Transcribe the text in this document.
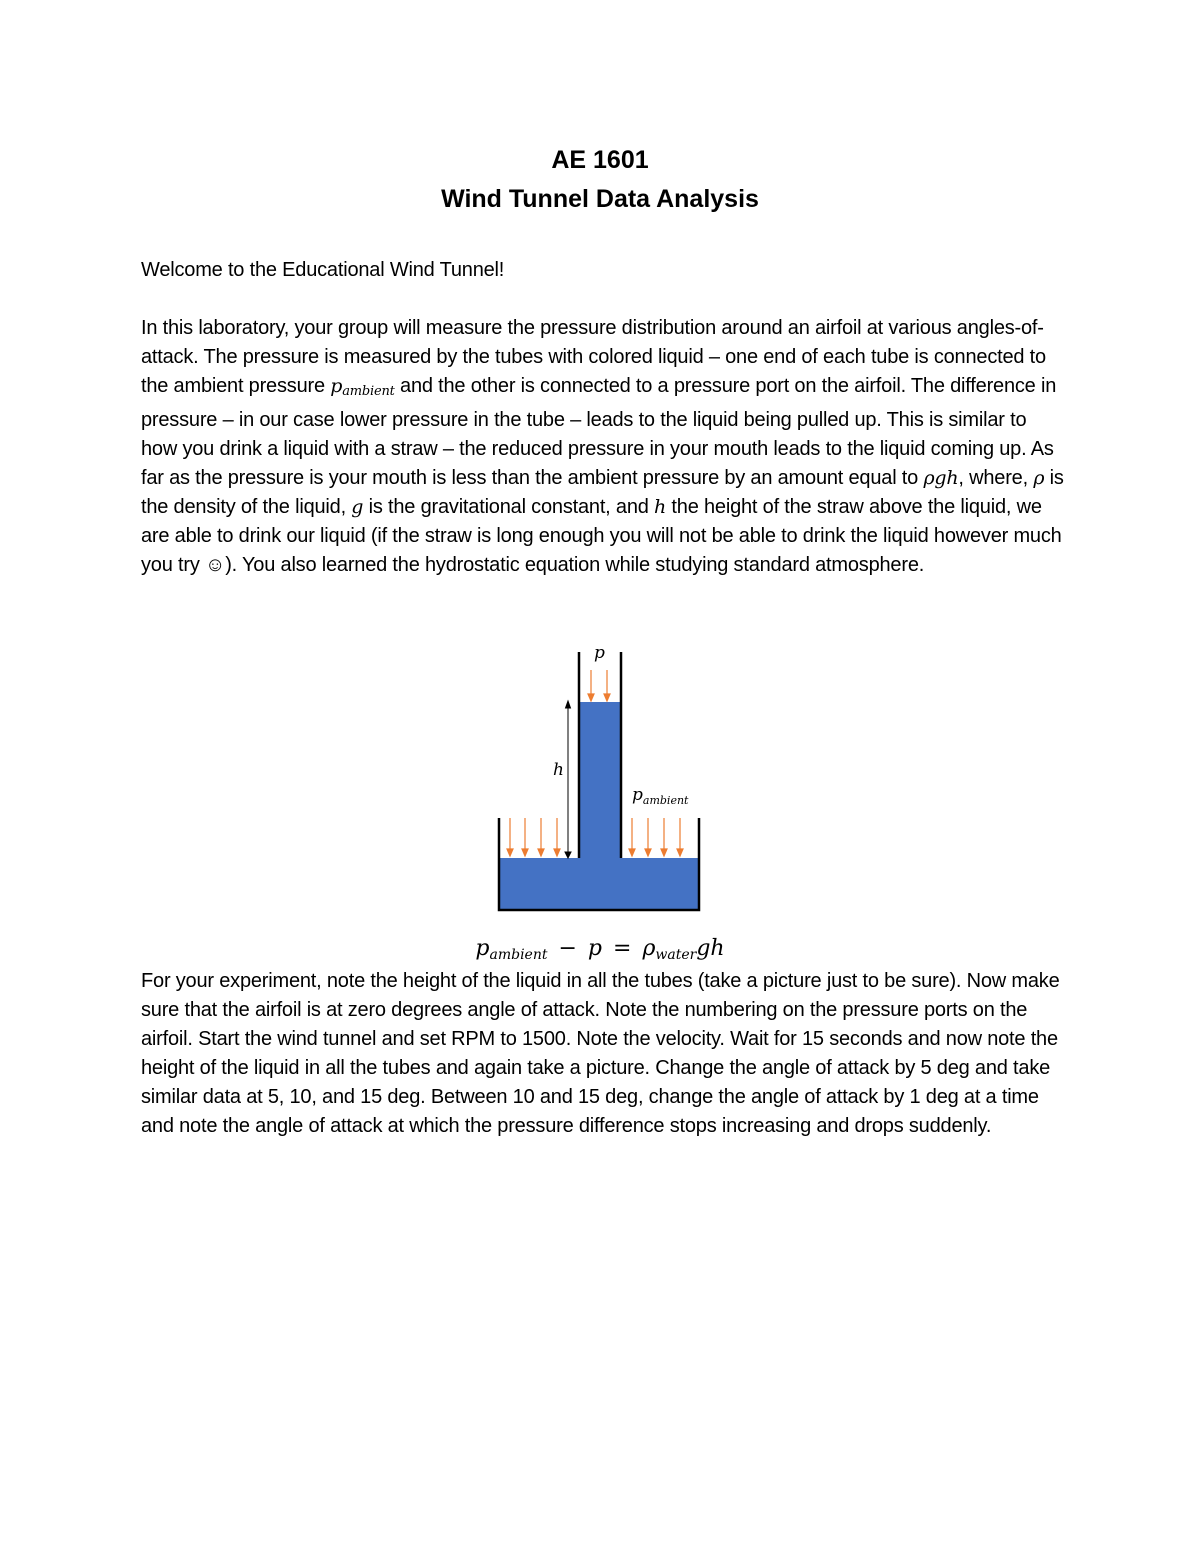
AE 1601
Wind Tunnel Data Analysis
Welcome to the Educational Wind Tunnel!
In this laboratory, your group will measure the pressure distribution around an airfoil at various angles-of-attack. The pressure is measured by the tubes with colored liquid – one end of each tube is connected to the ambient pressure $p_{ambient}$ and the other is connected to a pressure port on the airfoil. The difference in pressure – in our case lower pressure in the tube – leads to the liquid being pulled up. This is similar to how you drink a liquid with a straw – the reduced pressure in your mouth leads to the liquid coming up. As far as the pressure is your mouth is less than the ambient pressure by an amount equal to ρgh, where, ρ is the density of the liquid, g is the gravitational constant, and h the height of the straw above the liquid, we are able to drink our liquid (if the straw is long enough you will not be able to drink the liquid however much you try ☺). You also learned the hydrostatic equation while studying standard atmosphere.
p
h
$p_{ambient}$
pambient − p = ρwatergh
For your experiment, note the height of the liquid in all the tubes (take a picture just to be sure). Now make sure that the airfoil is at zero degrees angle of attack. Note the numbering on the pressure ports on the airfoil. Start the wind tunnel and set RPM to 1500. Note the velocity. Wait for 15 seconds and now note the height of the liquid in all the tubes and again take a picture. Change the angle of attack by 5 deg and take similar data at 5, 10, and 15 deg. Between 10 and 15 deg, change the angle of attack by 1 deg at a time and note the angle of attack at which the pressure difference stops increasing and drops suddenly.
